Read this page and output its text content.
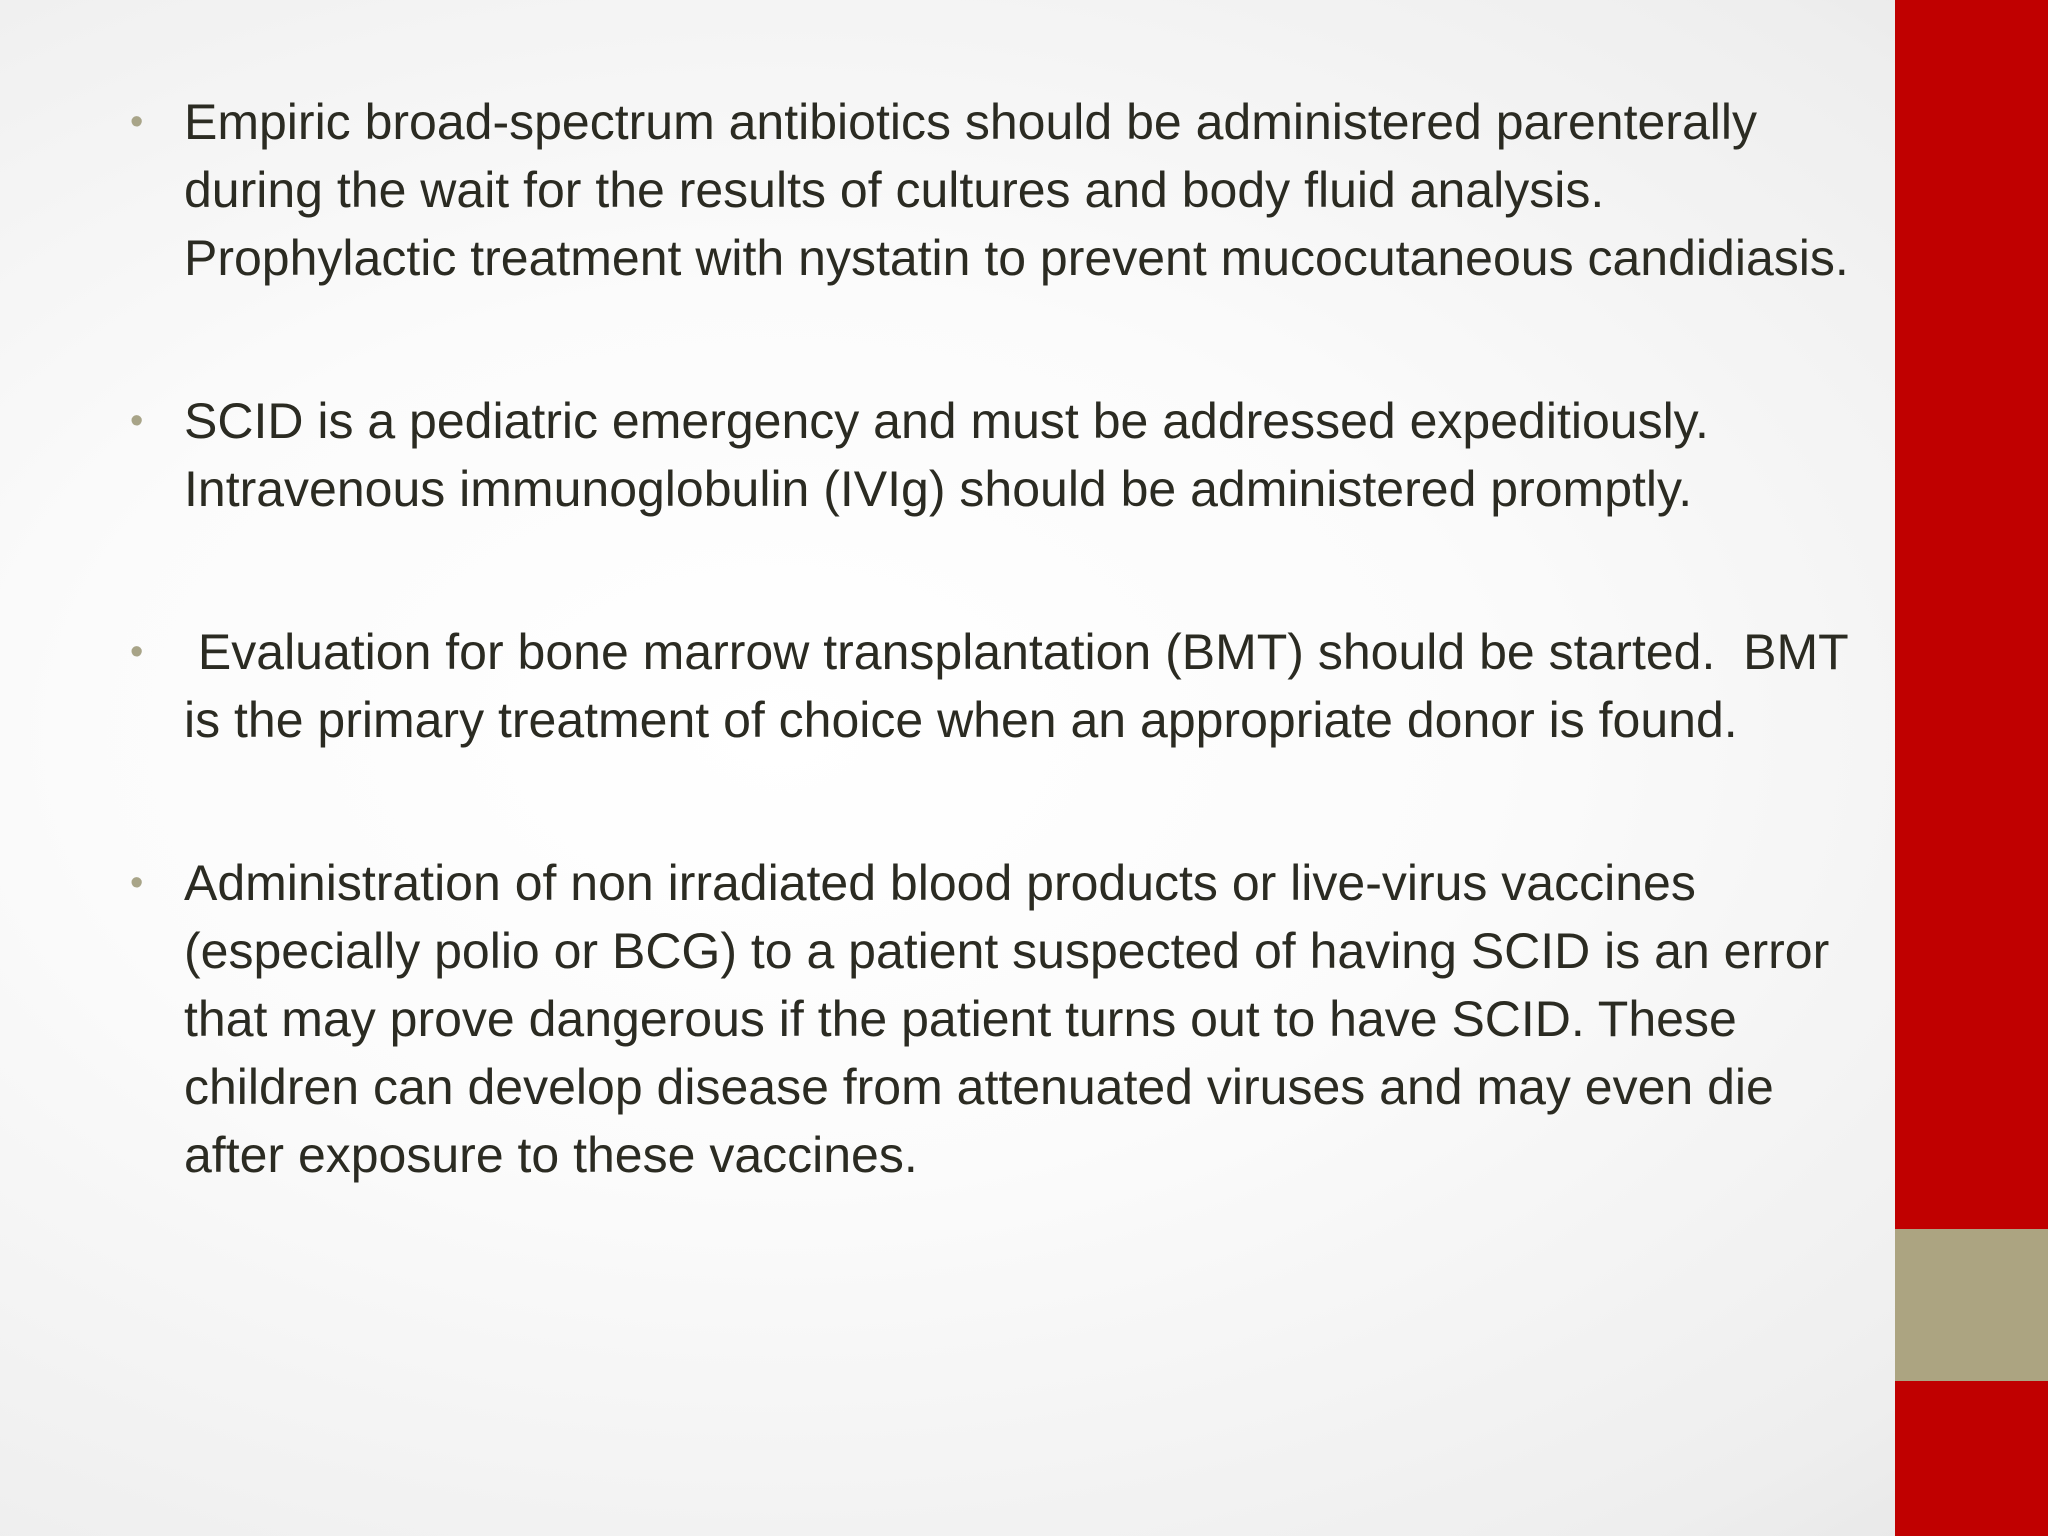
• Empiric broad-spectrum antibiotics should be administered parenterally during the wait for the results of cultures and body fluid analysis. Prophylactic treatment with nystatin to prevent mucocutaneous candidiasis.
• SCID is a pediatric emergency and must be addressed expeditiously. Intravenous immunoglobulin (IVIg) should be administered promptly.
• Evaluation for bone marrow transplantation (BMT) should be started.  BMT is the primary treatment of choice when an appropriate donor is found.
• Administration of non irradiated blood products or live-virus vaccines (especially polio or BCG) to a patient suspected of having SCID is an error that may prove dangerous if the patient turns out to have SCID. These children can develop disease from attenuated viruses and may even die after exposure to these vaccines.
